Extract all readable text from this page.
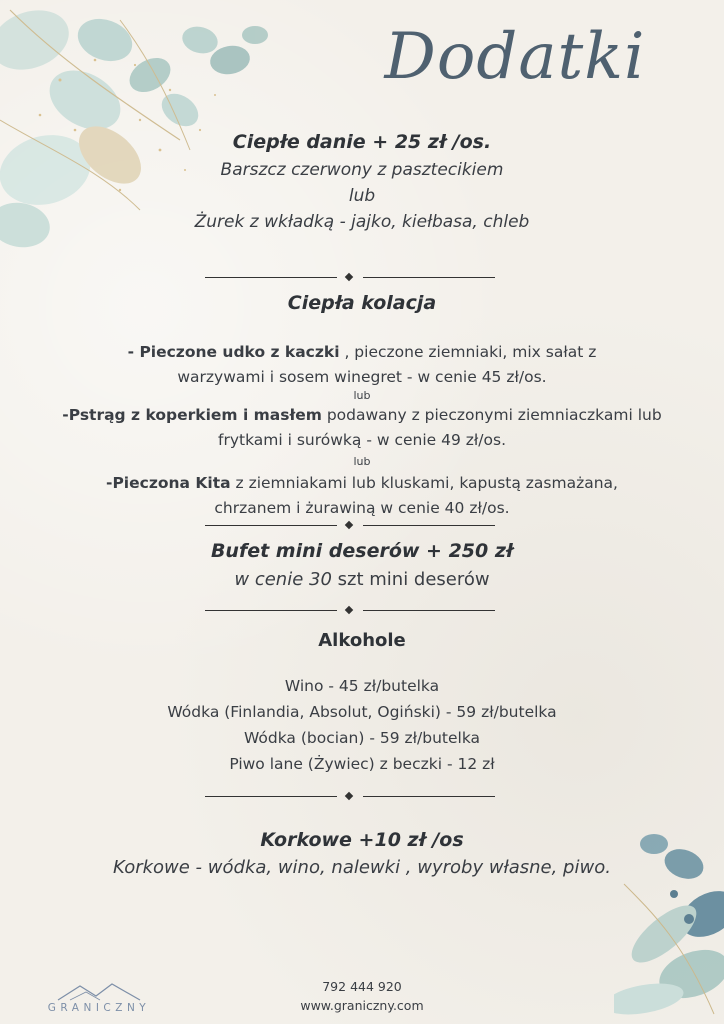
Dodatki
Ciepłe danie + 25 zł /os.
Barszcz czerwony z pasztecikiem
lub
Żurek z wkładką - jajko, kiełbasa, chleb
Ciepła kolacja
- Pieczone udko z kaczki , pieczone ziemniaki, mix sałat z
warzywami i sosem winegret - w cenie 45 zł/os.
lub
-Pstrąg z koperkiem i masłem podawany z pieczonymi ziemniaczkami lub
frytkami i surówką - w cenie 49 zł/os.
lub
-Pieczona Kita z ziemniakami lub kluskami, kapustą zasmażana,
chrzanem i żurawiną w cenie 40 zł/os.
Bufet mini deserów + 250 zł
w cenie 30 szt mini deserów
Alkohole
Wino - 45 zł/butelka
Wódka (Finlandia, Absolut, Ogiński) - 59 zł/butelka
Wódka (bocian) - 59 zł/butelka
Piwo lane (Żywiec) z beczki - 12 zł
Korkowe +10 zł /os
Korkowe - wódka, wino, nalewki , wyroby własne, piwo.
792 444 920
www.graniczny.com
GRANICZNY
